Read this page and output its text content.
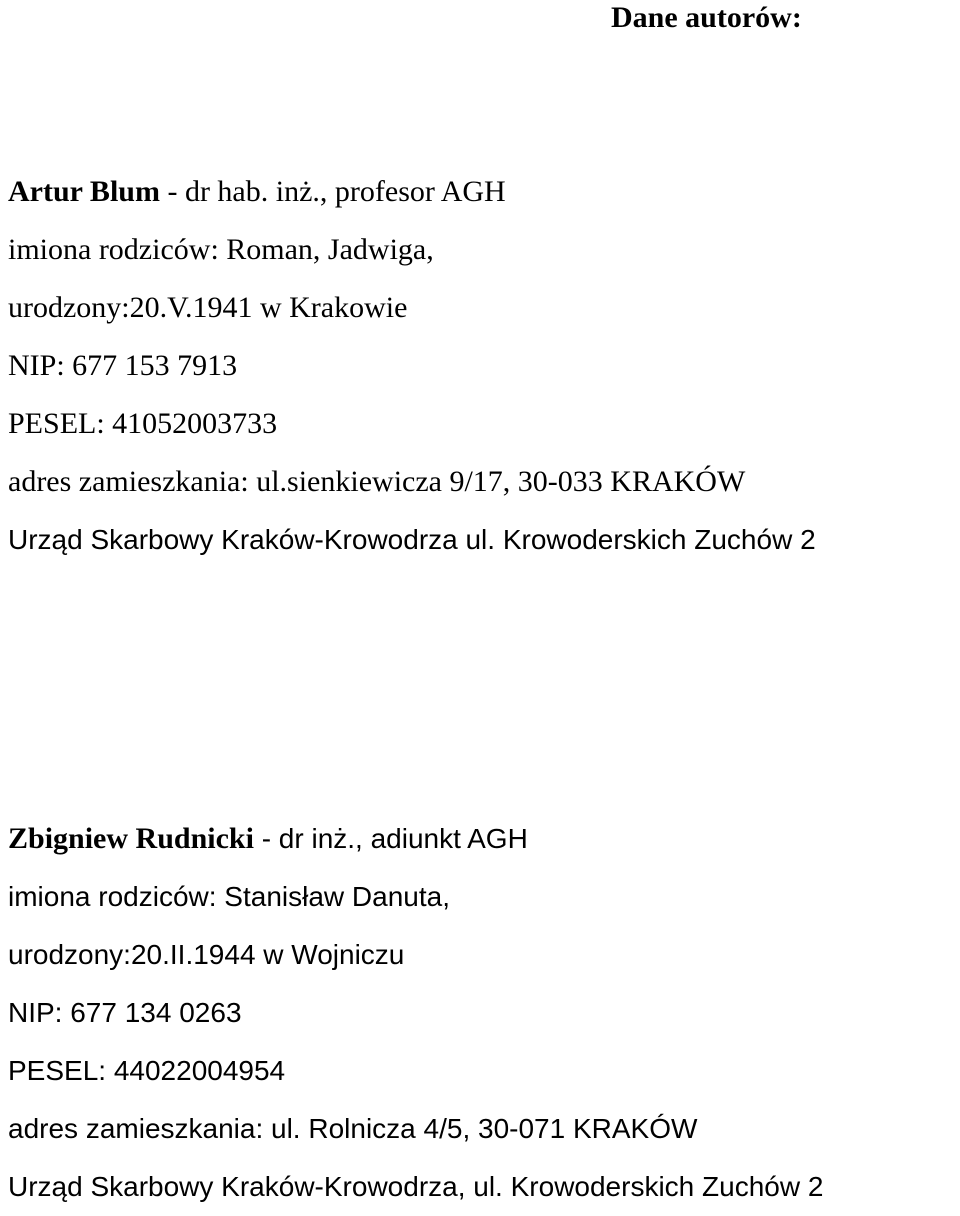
Dane autorów:
Artur Blum - dr hab. inż., profesor AGH
imiona rodziców: Roman, Jadwiga,
urodzony:20.V.1941 w Krakowie
NIP: 677 153 7913
PESEL: 41052003733
adres zamieszkania: ul.sienkiewicza 9/17, 30-033 KRAKÓW
Urząd Skarbowy Kraków-Krowodrza ul. Krowoderskich Zuchów 2
Zbigniew Rudnicki - dr inż., adiunkt AGH
imiona rodziców: Stanisław Danuta,
urodzony:20.II.1944 w Wojniczu
NIP: 677 134 0263
PESEL: 44022004954
adres zamieszkania: ul. Rolnicza 4/5, 30-071 KRAKÓW
Urząd Skarbowy Kraków-Krowodrza, ul. Krowoderskich Zuchów 2
